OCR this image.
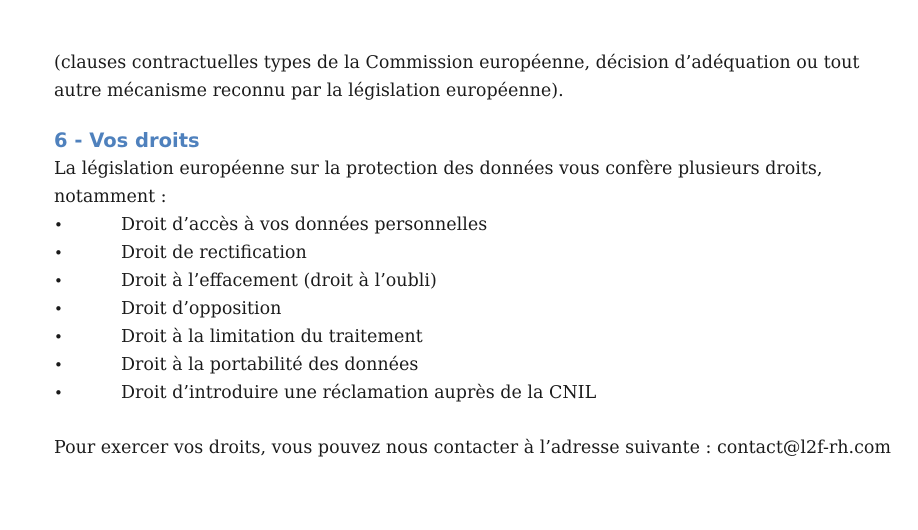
(clauses contractuelles types de la Commission européenne, décision d’adéquation ou tout autre mécanisme reconnu par la législation européenne).

6 - Vos droits

La législation européenne sur la protection des données vous confère plusieurs droits, notamment :

•	Droit d’accès à vos données personnelles
•	Droit de rectification
•	Droit à l’effacement (droit à l’oubli)
•	Droit d’opposition
•	Droit à la limitation du traitement
•	Droit à la portabilité des données
•	Droit d’introduire une réclamation auprès de la CNIL

Pour exercer vos droits, vous pouvez nous contacter à l’adresse suivante : contact@l2f-rh.com
